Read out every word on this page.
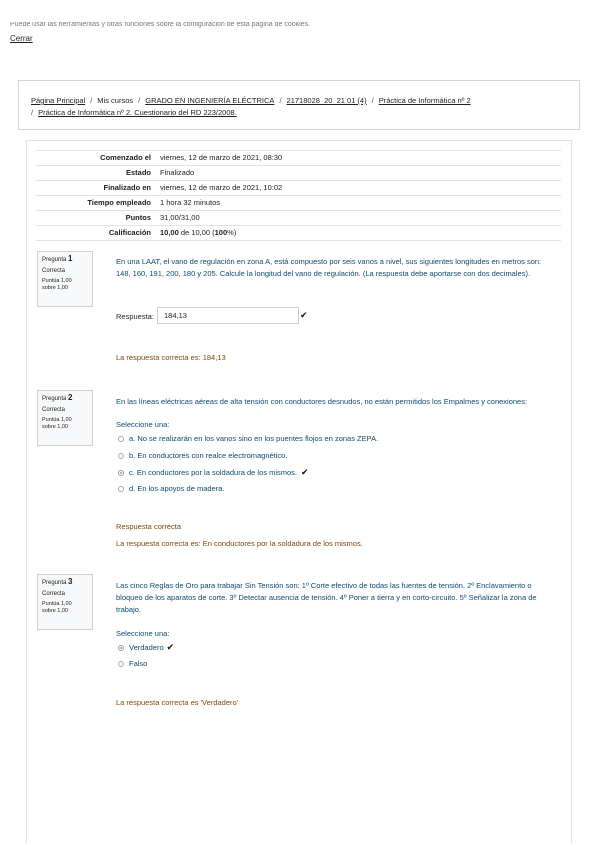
Puede usar las herramientas y otras funciones sobre la configuración de esta página de cookies.
Cerrar
Página Principal / Mis cursos / GRADO EN INGENIERÍA ELÉCTRICA / 21718028_20_21 01 (4) / Práctica de Informática nº 2
/ Práctica de Informática nº 2. Cuestionario del RD 223/2008.
Comenzado el	viernes, 12 de marzo de 2021, 08:30
Estado	Finalizado
Finalizado en	viernes, 12 de marzo de 2021, 10:02
Tiempo empleado	1 hora 32 minutos
Puntos	31,00/31,00
Calificación	10,00 de 10,00 (100%)
Pregunta 1
Correcta
Puntúa 1,00
sobre 1,00
En una LAAT, el vano de regulación en zona A, está compuesto por seis vanos a nivel, sus siguientes longitudes en metros son: 148, 160, 191, 200, 180 y 205. Calcule la longitud del vano de regulación. (La respuesta debe aportarse con dos decimales).
Respuesta:	184,13	✔
La respuesta correcta es: 184,13
Pregunta 2
Correcta
Puntúa 1,00
sobre 1,00
En las líneas eléctricas aéreas de alta tensión con conductores desnudos, no están permitidos los Empalmes y conexiones:
Seleccione una:
a. No se realizarán en los vanos sino en los puentes flojos en zonas ZEPA.
b. En conductores con realce electromagnético.
c. En conductores por la soldadura de los mismos. ✔
d. En los apoyos de madera.
Respuesta correcta
La respuesta correcta es: En conductores por la soldadura de los mismos.
Pregunta 3
Correcta
Puntúa 1,00
sobre 1,00
Las cinco Reglas de Oro para trabajar Sin Tensión son: 1º Corte efectivo de todas las fuentes de tensión. 2º Enclavamiento o bloqueo de los aparatos de corte. 3º Detectar ausencia de tensión. 4º Poner a tierra y en corto-circuito. 5º Señalizar la zona de trabajo.
Seleccione una:
Verdadero ✔
Falso
La respuesta correcta es 'Verdadero'
